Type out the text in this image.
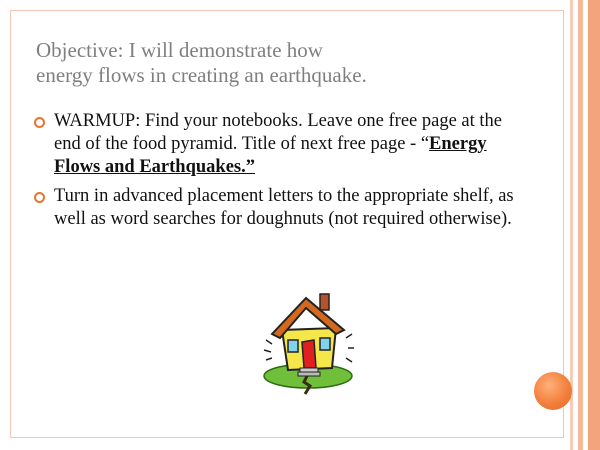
Objective: I will demonstrate how
energy flows in creating an earthquake.
WARMUP: Find your notebooks. Leave one free page at the end of the food pyramid. Title of next free page - “Energy Flows and Earthquakes.”
Turn in advanced placement letters to the appropriate shelf, as well as word searches for doughnuts (not required otherwise).
